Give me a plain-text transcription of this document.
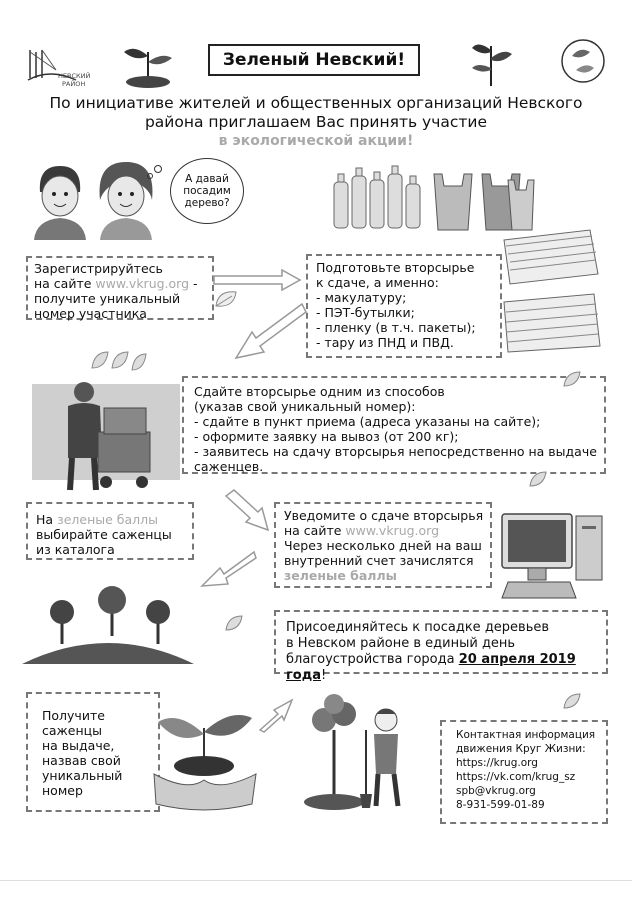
НЕВСКИЙ
РАЙОН
Зеленый Невский!
По инициативе жителей и общественных организаций Невского
района приглашаем Вас принять участие
в экологической акции!
А давай
посадим
дерево?
Зарегистрируйтесь
на сайте www.vkrug.org -
получите уникальный
номер участника
Подготовьте вторсырье
к сдаче, а именно:
- макулатуру;
- ПЭТ-бутылки;
- пленку (в т.ч. пакеты);
- тару из ПНД и ПВД.
Сдайте вторсырье одним из способов
(указав свой уникальный номер):
- сдайте в пункт приема (адреса указаны на сайте);
- оформите заявку на вывоз (от 200 кг);
- заявитесь на сдачу вторсырья непосредственно на выдаче
саженцев.
На зеленые баллы
выбирайте саженцы
из каталога
Уведомите о сдаче вторсырья
на сайте www.vkrug.org
Через несколько дней на ваш
внутренний счет зачислятся
зеленые баллы
Присоединяйтесь к посадке деревьев
в Невском районе в единый день
благоустройства города 20 апреля 2019 года!
Получите
саженцы
на выдаче,
назвав свой
уникальный
номер
Контактная информация
движения Круг Жизни:
https://krug.org
https://vk.com/krug_sz
spb@vkrug.org
8-931-599-01-89
